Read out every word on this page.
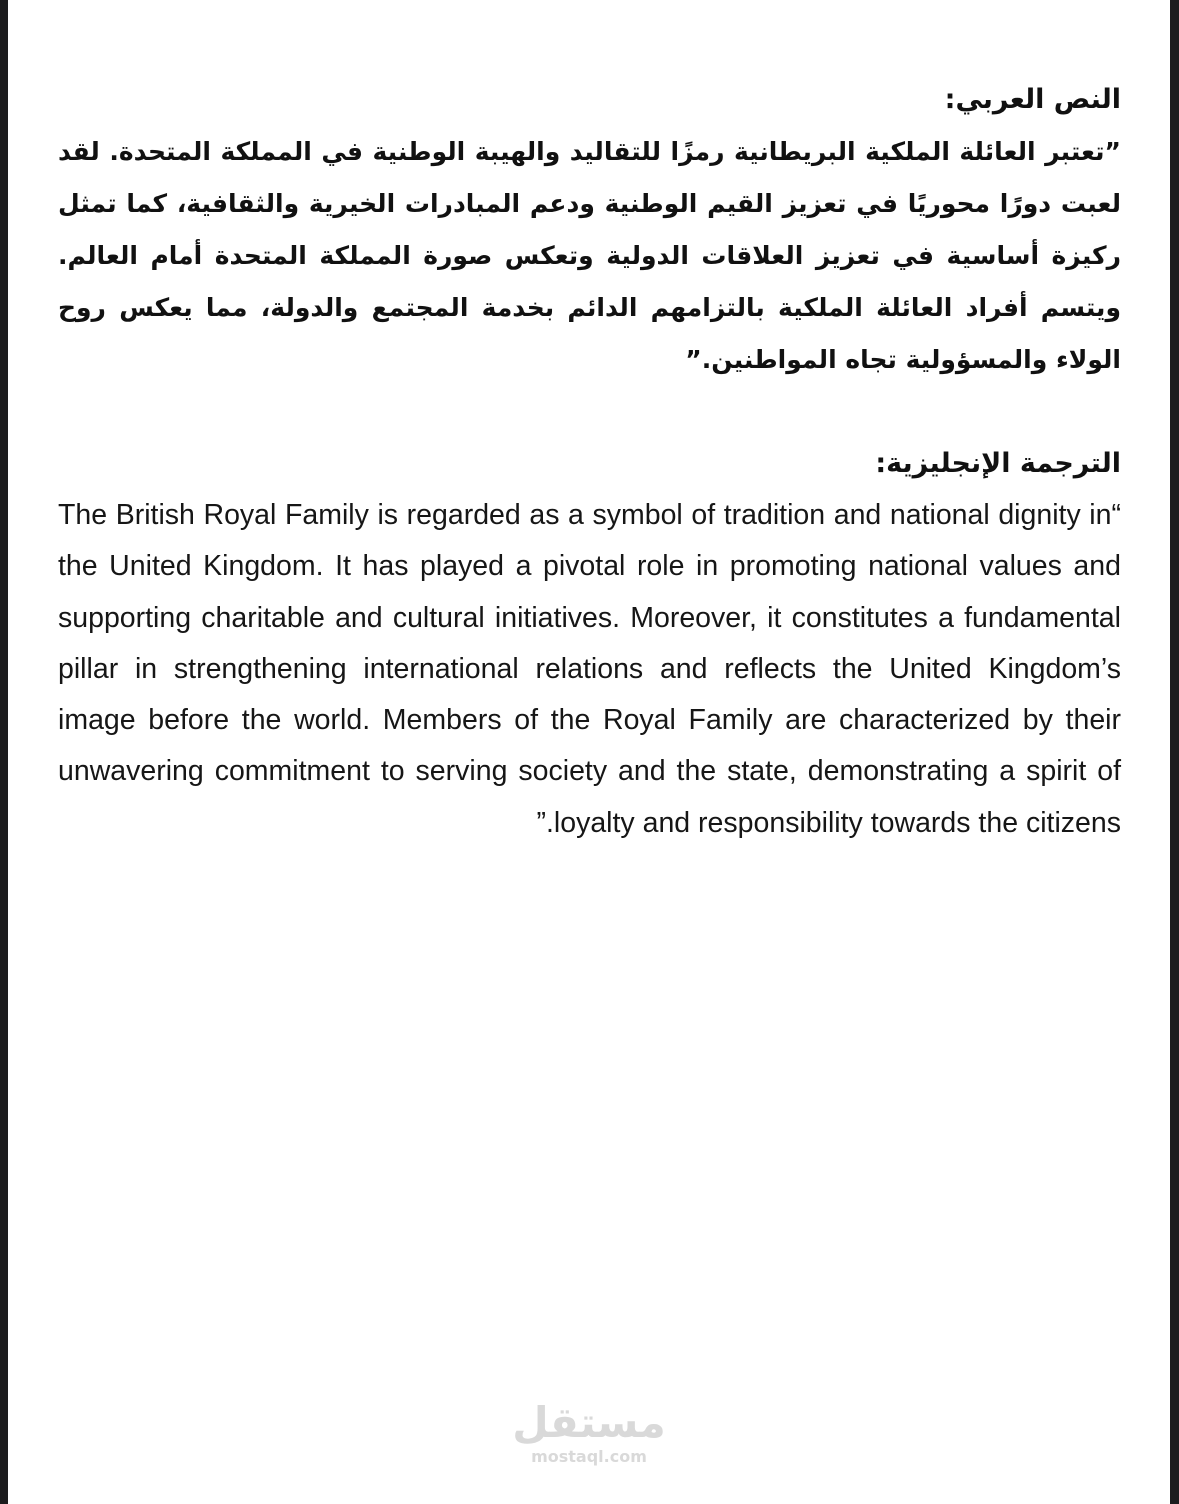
النص العربي:

”تعتبر العائلة الملكية البريطانية رمزًا للتقاليد والهيبة الوطنية في المملكة المتحدة. لقد لعبت دورًا محوريًا في تعزيز القيم الوطنية ودعم المبادرات الخيرية والثقافية، كما تمثل ركيزة أساسية في تعزيز العلاقات الدولية وتعكس صورة المملكة المتحدة أمام العالم. ويتسم أفراد العائلة الملكية بالتزامهم الدائم بخدمة المجتمع والدولة، مما يعكس روح الولاء والمسؤولية تجاه المواطنين.”

الترجمة الإنجليزية:

“The British Royal Family is regarded as a symbol of tradition and national dignity in the United Kingdom. It has played a pivotal role in promoting national values and supporting charitable and cultural initiatives. Moreover, it constitutes a fundamental pillar in strengthening international relations and reflects the United Kingdom’s image before the world. Members of the Royal Family are characterized by their unwavering commitment to serving society and the state, demonstrating a spirit of loyalty and responsibility towards the citizens.”

مستقل
mostaql.com
